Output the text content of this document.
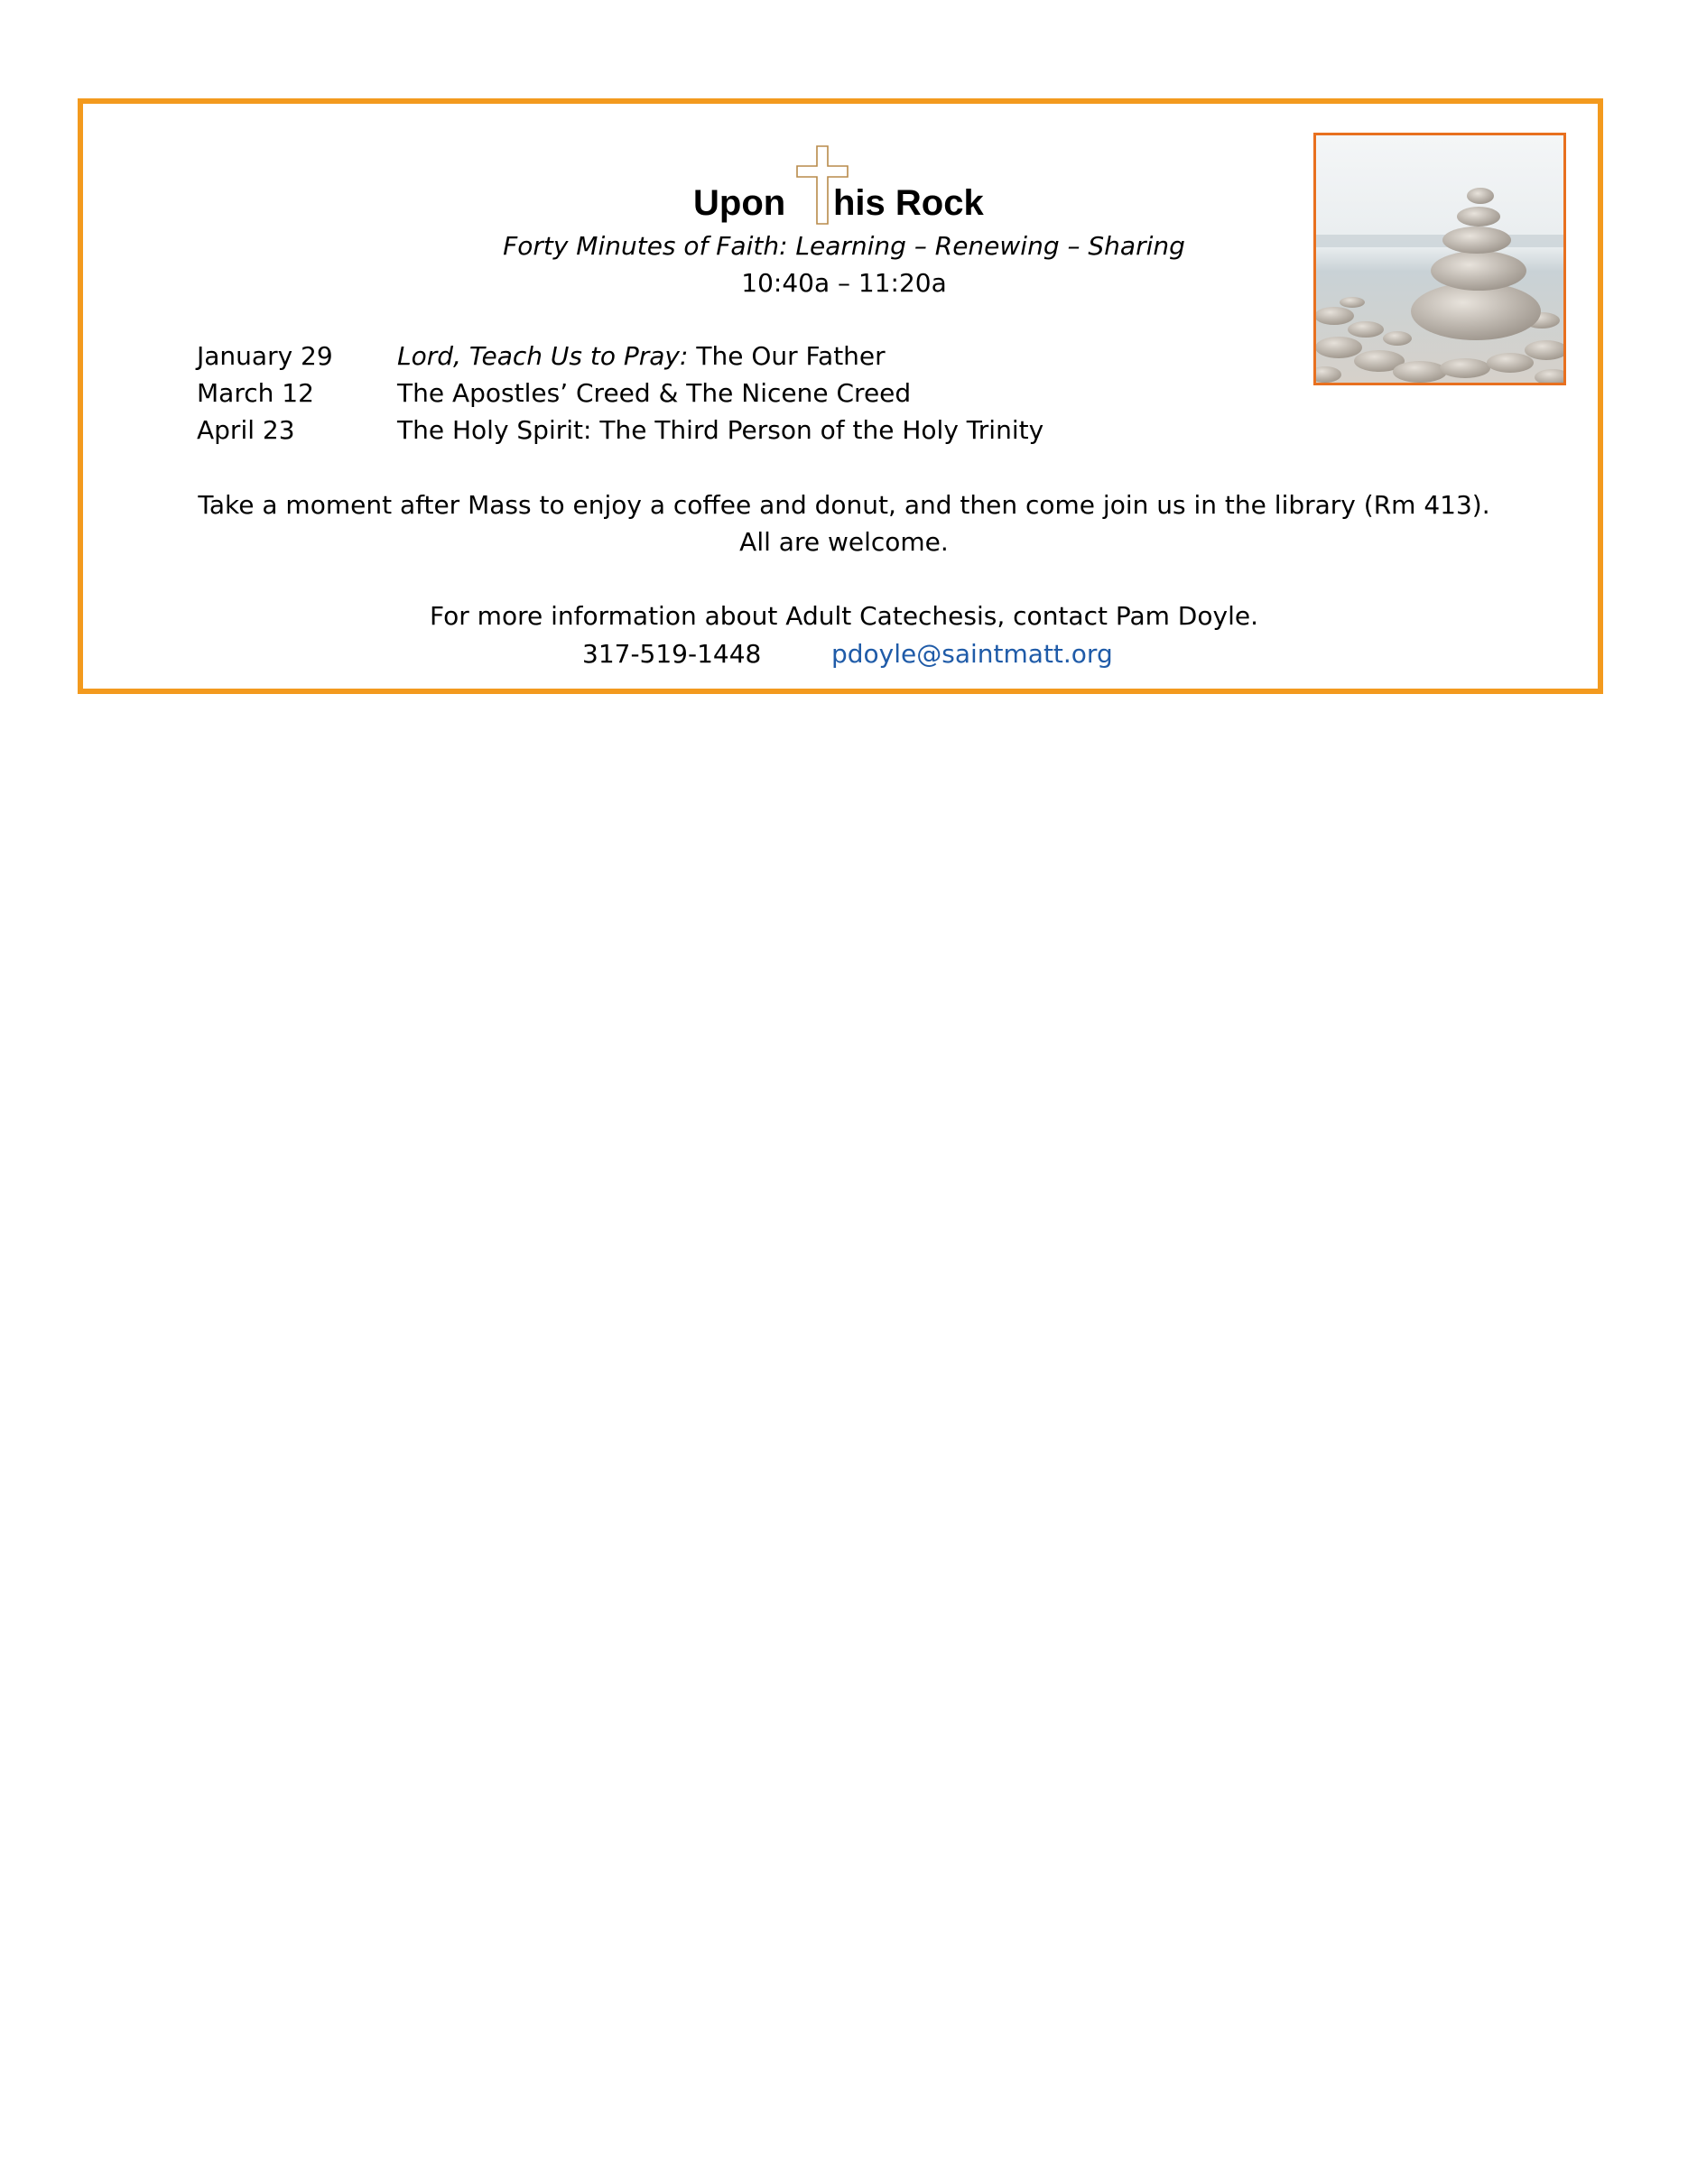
Upon his Rock
Forty Minutes of Faith: Learning – Renewing – Sharing
10:40a – 11:20a
January 29	Lord, Teach Us to Pray: The Our Father
March 12	The Apostles’ Creed & The Nicene Creed
April 23	The Holy Spirit: The Third Person of the Holy Trinity
Take a moment after Mass to enjoy a coffee and donut, and then come join us in the library (Rm 413).
All are welcome.
For more information about Adult Catechesis, contact Pam Doyle.
317-519-1448	pdoyle@saintmatt.org
